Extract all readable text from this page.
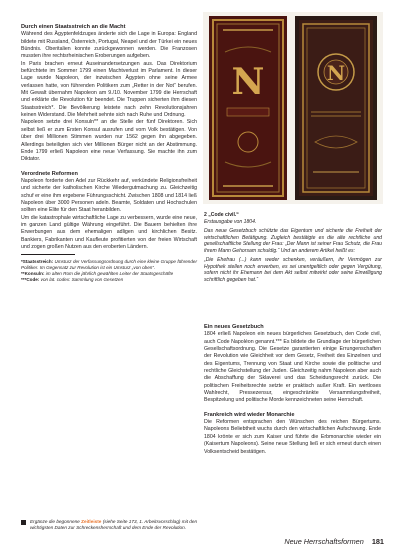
Durch einen Staatsstreich an die Macht

Während des Ägyptenfeldzuges änderte sich die Lage in Europa: England bildete mit Russland, Österreich, Portugal, Neapel und der Türkei ein neues Bündnis. Oberitalien konnte zurückgewonnen werden. Die Franzosen mussten ihre rechtsrheinischen Eroberungen aufgeben.

In Paris brachen erneut Auseinandersetzungen aus. Das Direktorium befürchtete im Sommer 1799 einen Machtverlust im Parlament. In dieser Lage wurde Napoleon, der inzwischen Ägypten ohne seine Armee verlassen hatte, von führenden Politikern zum „Retter in der Not“ berufen. Mit Gewalt übernahm Napoleon am 9./10. November 1799 die Herrschaft und erklärte die Revolution für beendet. Die Truppen sicherten ihm diesen Staatsstreich*. Die Bevölkerung leistete nach zehn Revolutionsjahren keinen Widerstand. Die Mehrheit sehnte sich nach Ruhe und Ordnung.

Napoleon setzte drei Konsuln** an die Stelle der fünf Direktoren. Sich selbst ließ er zum Ersten Konsul ausrufen und vom Volk bestätigen. Von über drei Millionen Stimmen wurden nur 1562 gegen ihn abgegeben. Allerdings beteiligten sich vier Millionen Bürger nicht an der Abstimmung. Ende 1799 erließ Napoleon eine neue Verfassung. Sie machte ihn zum Diktator.

Verordnete Reformen

Napoleon forderte den Adel zur Rückkehr auf, verkündete Religionsfreiheit und sicherte der katholischen Kirche Wiedergutmachung zu. Gleichzeitig schuf er eine ihm ergebene Führungsschicht. Zwischen 1808 und 1814 ließ Napoleon über 3000 Personen adeln. Beamte, Soldaten und Hochschulen sollten eine Elite für den Staat heranbilden.

Um die katastrophale wirtschaftliche Lage zu verbessern, wurde eine neue, im ganzen Land gültige Währung eingeführt. Die Bauern behielten ihre Erwerbungen aus dem ehemaligen adligen und kirchlichen Besitz. Bankiers, Fabrikanten und Kaufleute profitierten von der freien Wirtschaft und zogen großen Nutzen aus den eroberten Ländern.

*Staatsstreich: Umsturz der Verfassungsordnung durch eine kleine Gruppe führender Politiker. Im Gegensatz zur Revolution ist ein Umsturz „von oben“.
**Konsuln: im alten Rom die jährlich gewählten Leiter der Staatsgeschäfte
***Code: von lat. codex: Sammlung von Gesetzen
Ergänze die begonnene Zeitleiste (siehe Seite 173, 1. Arbeitsvorschlag) mit den wichtigsten Daten zur Schreckensherrschaft und dem Ende der Revolution.
N	N
2 „Code civil.“
Erstausgabe von 1804.
Das neue Gesetzbuch schützte das Eigentum und sicherte die Freiheit der wirtschaftlichen Betätigung. Zugleich bestätigte es die alte rechtliche und gesellschaftliche Stellung der Frau: „Der Mann ist seiner Frau Schutz, die Frau ihrem Mann Gehorsam schuldig.“ Und an anderem Artikel heißt es:
„Die Ehefrau (...) kann weder schenken, veräußern, ihr Vermögen zur Hypothek stellen noch erwerben, es sei unentgeltlich oder gegen Vergütung, sofern nicht ihr Ehemann bei dem Akt selbst mitwirkt oder seine Einwilligung schriftlich gegeben hat.“
Ein neues Gesetzbuch

1804 erließ Napoleon ein neues bürgerliches Gesetzbuch, den Code civil, auch Code Napoléon genannt.*** Es bildete die Grundlage der bürgerlichen Gesellschaftsordnung. Die Gesetze garantierten einige Errungenschaften der Revolution wie Gleichheit vor dem Gesetz, Freiheit des Einzelnen und des Eigentums, Trennung von Staat und Kirche sowie die politische und rechtliche Gleichstellung der Juden. Gleichzeitig nahm Napoleon aber auch die Abschaffung der Sklaverei und das Scheidungsrecht zurück. Die politischen Freiheitsrechte setzte er praktisch außer Kraft. Ein wertloses Wahlrecht, Pressezensur, eingeschränkte Versammlungsfreiheit, Bespitzelung und politische Morde kennzeichneten seine Herrschaft.

Frankreich wird wieder Monarchie

Die Reformen entsprachen den Wünschen des reichen Bürgertums. Napoleons Beliebtheit wuchs durch den wirtschaftlichen Aufschwung. Ende 1804 krönte er sich zum Kaiser und führte die Erbmonarchie wieder ein (Kaisertum Napoleons). Seine neue Stellung ließ er sich erneut durch einen Volksentscheid bestätigen.

Neue Herrschaftsformen 181
